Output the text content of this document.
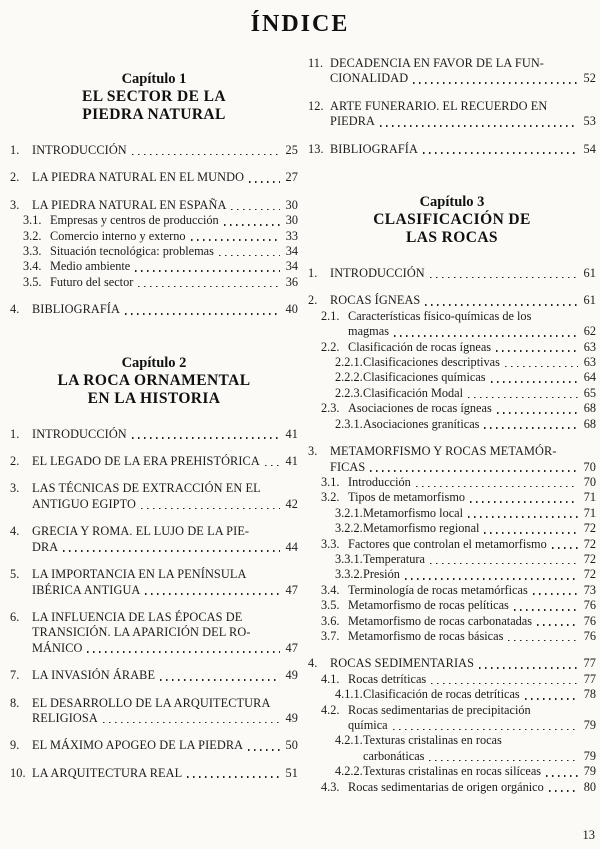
ÍNDICE
Capítulo 1
EL SECTOR DE LA
PIEDRA NATURAL
1. INTRODUCCIÓN	25
2. LA PIEDRA NATURAL EN EL MUNDO	27
3. LA PIEDRA NATURAL EN ESPAÑA	30
3.1. Empresas y centros de producción	30
3.2. Comercio interno y externo	33
3.3. Situación tecnológica: problemas	34
3.4. Medio ambiente	34
3.5. Futuro del sector	36
4. BIBLIOGRAFÍA	40
Capítulo 2
LA ROCA ORNAMENTAL
EN LA HISTORIA
1. INTRODUCCIÓN	41
2. EL LEGADO DE LA ERA PREHISTÓRICA 41
3. LAS TÉCNICAS DE EXTRACCIÓN EN EL
ANTIGUO EGIPTO	42
4. GRECIA Y ROMA. EL LUJO DE LA PIE-
DRA	44
5. LA IMPORTANCIA EN LA PENÍNSULA
IBÉRICA ANTIGUA	47
6. LA INFLUENCIA DE LAS ÉPOCAS DE
TRANSICIÓN. LA APARICIÓN DEL RO-
MÁNICO	47
7. LA INVASIÓN ÁRABE	49
8. EL DESARROLLO DE LA ARQUITECTURA
RELIGIOSA	49
9. EL MÁXIMO APOGEO DE LA PIEDRA	50
10. LA ARQUITECTURA REAL	51
11. DECADENCIA EN FAVOR DE LA FUN-
CIONALIDAD	52
12. ARTE FUNERARIO. EL RECUERDO EN
PIEDRA	53
13. BIBLIOGRAFÍA	54
Capítulo 3
CLASIFICACIÓN DE
LAS ROCAS
1. INTRODUCCIÓN	61
2. ROCAS ÍGNEAS	61
2.1. Características físico-químicas de los
magmas	62
2.2. Clasificación de rocas ígneas	63
2.2.1. Clasificaciones descriptivas	63
2.2.2. Clasificaciones químicas	64
2.2.3. Clasificación Modal	65
2.3. Asociaciones de rocas ígneas	68
2.3.1. Asociaciones graníticas	68
3. METAMORFISMO Y ROCAS METAMÓR-
FICAS	70
3.1. Introducción	70
3.2. Tipos de metamorfismo	71
3.2.1. Metamorfismo local	71
3.2.2. Metamorfismo regional	72
3.3. Factores que controlan el metamorfismo	72
3.3.1. Temperatura	72
3.3.2. Presión	72
3.4. Terminología de rocas metamórficas	73
3.5. Metamorfismo de rocas pelíticas	76
3.6. Metamorfismo de rocas carbonatadas	76
3.7. Metamorfismo de rocas básicas	76
4. ROCAS SEDIMENTARIAS	77
4.1. Rocas detríticas	77
4.1.1. Clasificación de rocas detríticas	78
4.2. Rocas sedimentarias de precipitación
química	79
4.2.1. Texturas cristalinas en rocas
carbonáticas	79
4.2.2. Texturas cristalinas en rocas silíceas	79
4.3. Rocas sedimentarias de origen orgánico	80
13
